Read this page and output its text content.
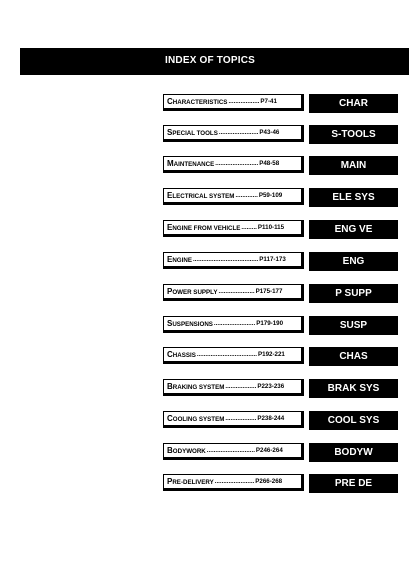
INDEX OF TOPICS
CHARACTERISTICS .................. P7-41	CHAR
SPECIAL TOOLS ....................... P43-46	S-TOOLS
MAINTENANCE ......................... P48-58	MAIN
ELECTRICAL SYSTEM ............. P59-109	ELE SYS
ENGINE FROM VEHICLE ......... P110-115	ENG VE
ENGINE ...................................... P117-173	ENG
POWER SUPPLY ..................... P175-177	P SUPP
SUSPENSIONS ........................ P179-190	SUSP
CHASSIS ................................... P192-221	CHAS
BRAKING SYSTEM .................. P223-236	BRAK SYS
COOLING SYSTEM .................. P238-244	COOL SYS
BODYWORK ............................ P246-264	BODYW
PRE-DELIVERY ....................... P266-268	PRE DE
